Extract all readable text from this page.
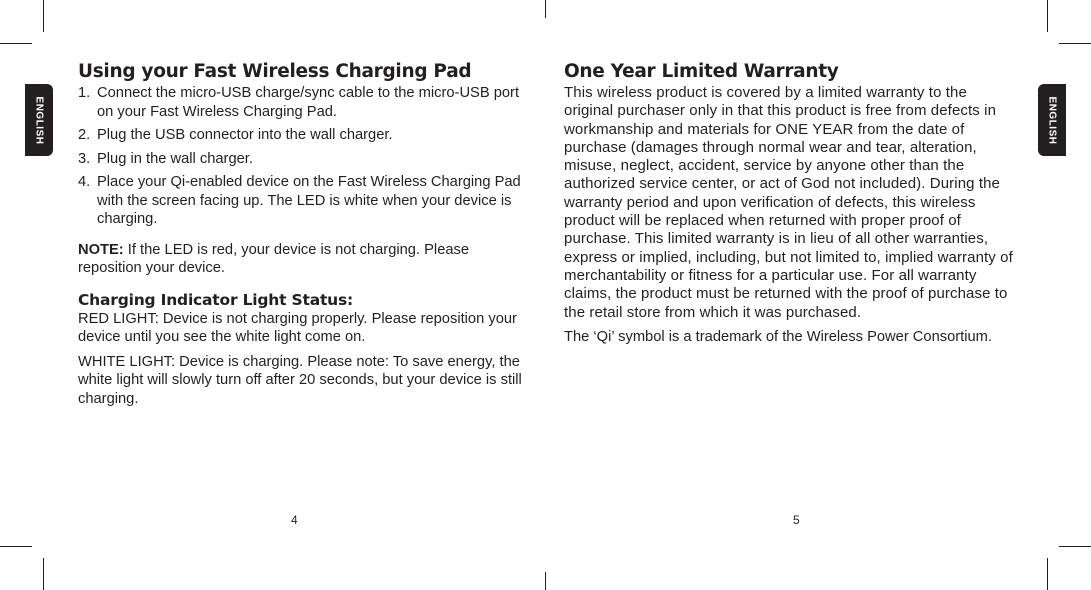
ENGLISH	ENGLISH
Using your Fast Wireless Charging Pad
1. Connect the micro-USB charge/sync cable to the micro-USB port on your Fast Wireless Charging Pad.
2. Plug the USB connector into the wall charger.
3. Plug in the wall charger.
4. Place your Qi-enabled device on the Fast Wireless Charging Pad with the screen facing up. The LED is white when your device is charging.

NOTE: If the LED is red, your device is not charging. Please reposition your device.

Charging Indicator Light Status:

RED LIGHT: Device is not charging properly. Please reposition your device until you see the white light come on.

WHITE LIGHT: Device is charging. Please note: To save energy, the white light will slowly turn off after 20 seconds, but your device is still charging.

4
One Year Limited Warranty

This wireless product is covered by a limited warranty to the original purchaser only in that this product is free from defects in workmanship and materials for ONE YEAR from the date of purchase (damages through normal wear and tear, alteration, misuse, neglect, accident, service by anyone other than the authorized service center, or act of God not included). During the warranty period and upon verification of defects, this wireless product will be replaced when returned with proper proof of purchase. This limited warranty is in lieu of all other warranties, express or implied, including, but not limited to, implied warranty of merchantability or fitness for a particular use. For all warranty claims, the product must be returned with the proof of purchase to the retail store from which it was purchased.

The ‘Qi’ symbol is a trademark of the Wireless Power Consortium.

5
